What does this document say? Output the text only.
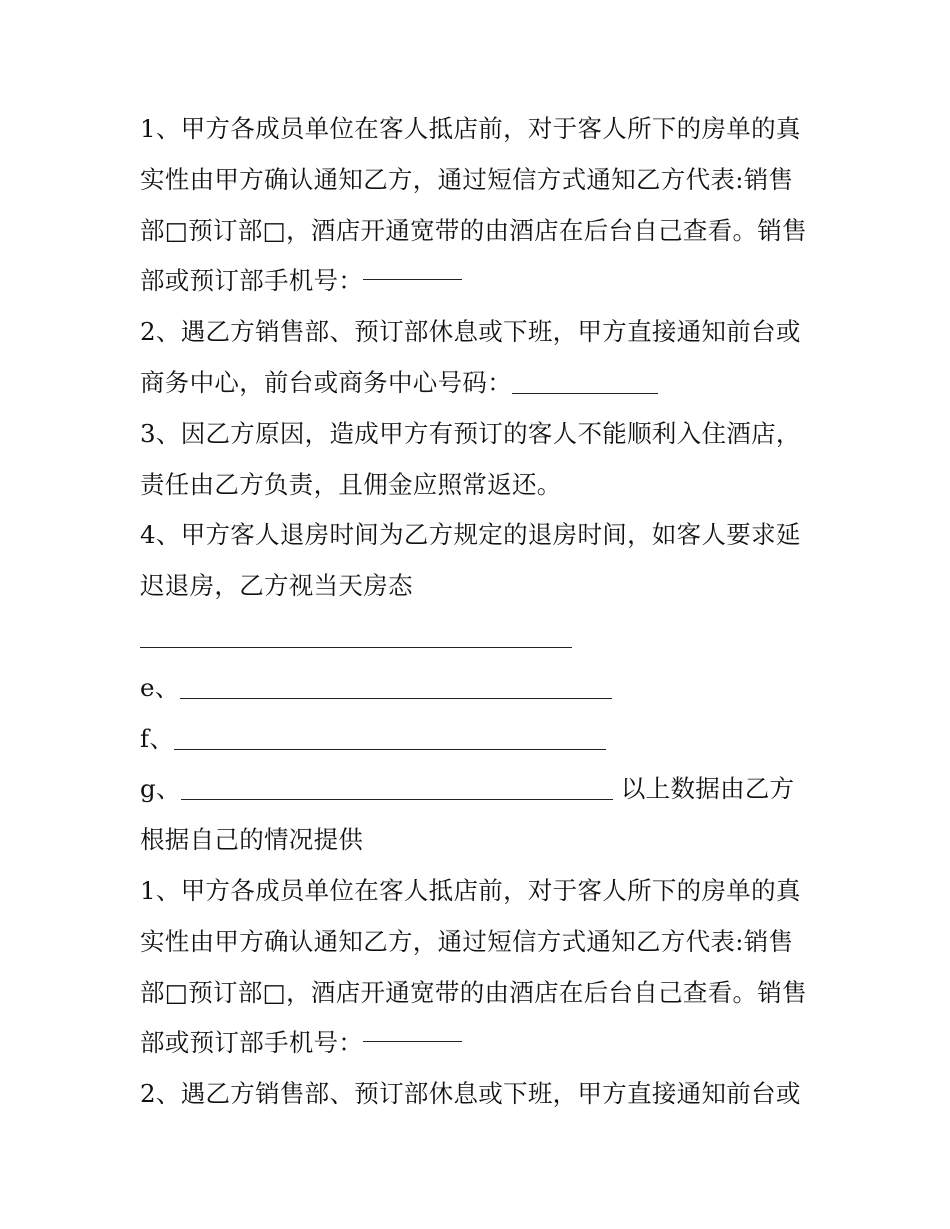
1、甲方各成员单位在客人抵店前，对于客人所下的房单的真
实性由甲方确认通知乙方，通过短信方式通知乙方代表:销售
部□预订部□，酒店开通宽带的由酒店在后台自己查看。销售
部或预订部手机号：
2、遇乙方销售部、预订部休息或下班，甲方直接通知前台或
商务中心，前台或商务中心号码：
3、因乙方原因，造成甲方有预订的客人不能顺利入住酒店，
责任由乙方负责，且佣金应照常返还。
4、甲方客人退房时间为乙方规定的退房时间，如客人要求延
迟退房，乙方视当天房态
e、
f、
g、	以上数据由乙方
根据自己的情况提供
1、甲方各成员单位在客人抵店前，对于客人所下的房单的真
实性由甲方确认通知乙方，通过短信方式通知乙方代表:销售
部□预订部□，酒店开通宽带的由酒店在后台自己查看。销售
部或预订部手机号：
2、遇乙方销售部、预订部休息或下班，甲方直接通知前台或
